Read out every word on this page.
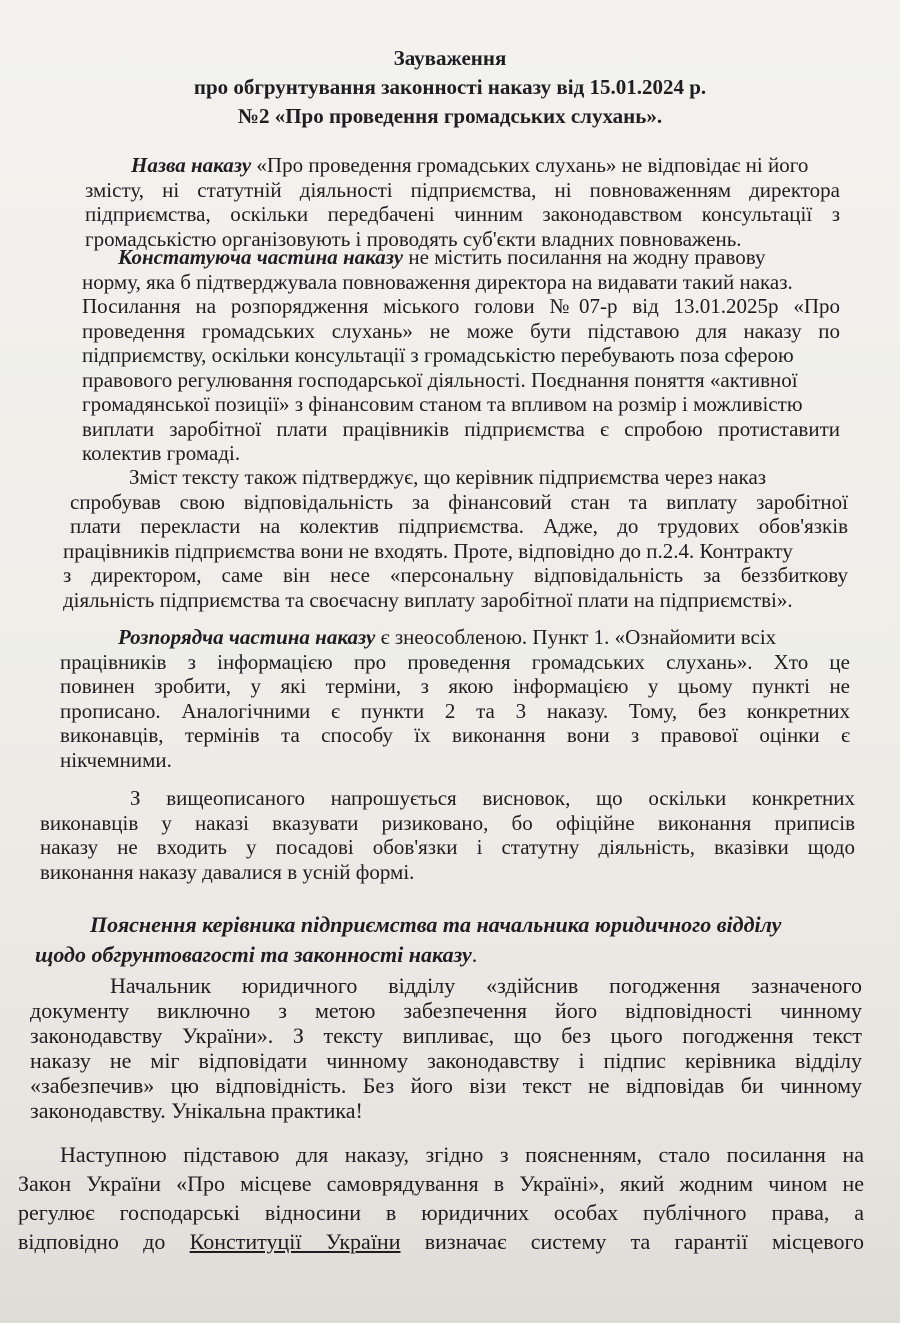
Зауваження
про обгрунтування законності наказу від 15.01.2024 р.
№2 «Про проведення громадських слухань».
Назва наказу «Про проведення громадських слухань» не відповідає ні його
змісту, ні статутній діяльності підприємства, ні повноваженням директора
підприємства, оскільки передбачені чинним законодавством консультації з
громадськістю організовують і проводять суб'єкти владних повноважень.
Констатуюча частина наказу не містить посилання на жодну правову
норму, яка б підтверджувала повноваження директора на видавати такий наказ.
Посилання на розпорядження міського голови №07-р від 13.01.2025р «Про
проведення громадських слухань» не може бути підставою для наказу по
підприємству, оскільки консультації з громадськістю перебувають поза сферою
правового регулювання господарської діяльності. Поєднання поняття «активної
громадянської позиції» з фінансовим станом та впливом на розмір і можливістю
виплати заробітної плати працівників підприємства є спробою протиставити
колектив громаді.
Зміст тексту також підтверджує, що керівник підприємства через наказ
спробував свою відповідальність за фінансовий стан та виплату заробітної
плати перекласти на колектив підприємства. Адже, до трудових обов'язків
працівників підприємства вони не входять. Проте, відповідно до п.2.4. Контракту
з директором, саме він несе «персональну відповідальність за беззбиткову
діяльність підприємства та своєчасну виплату заробітної плати на підприємстві».
Розпорядча частина наказу є знеособленою. Пункт 1. «Ознайомити всіх
працівників з інформацією про проведення громадських слухань». Хто це
повинен зробити, у які терміни, з якою інформацією у цьому пункті не
прописано. Аналогічними є пункти 2 та 3 наказу. Тому, без конкретних
виконавців, термінів та способу їх виконання вони з правової оцінки є
нікчемними.
З вищеописаного напрошується висновок, що оскільки конкретних
виконавців у наказі вказувати ризиковано, бо офіційне виконання приписів
наказу не входить у посадові обов'язки і статутну діяльність, вказівки щодо
виконання наказу давалися в усній формі.
Пояснення керівника підприємства та начальника юридичного відділу
щодо обгрунтовагості та законності наказу.
Начальник юридичного відділу «здійснив погодження зазначеного
документу виключно з метою забезпечення його відповідності чинному
законодавству України». З тексту випливає, що без цього погодження текст
наказу не міг відповідати чинному законодавству і підпис керівника відділу
«забезпечив» цю відповідність. Без його візи текст не відповідав би чинному
законодавству. Унікальна практика!
Наступною підставою для наказу, згідно з поясненням, стало посилання на
Закон України «Про місцеве самоврядування в Україні», який жодним чином не
регулює господарські відносини в юридичних особах публічного права, а
відповідно до Конституції України визначає систему та гарантії місцевого
